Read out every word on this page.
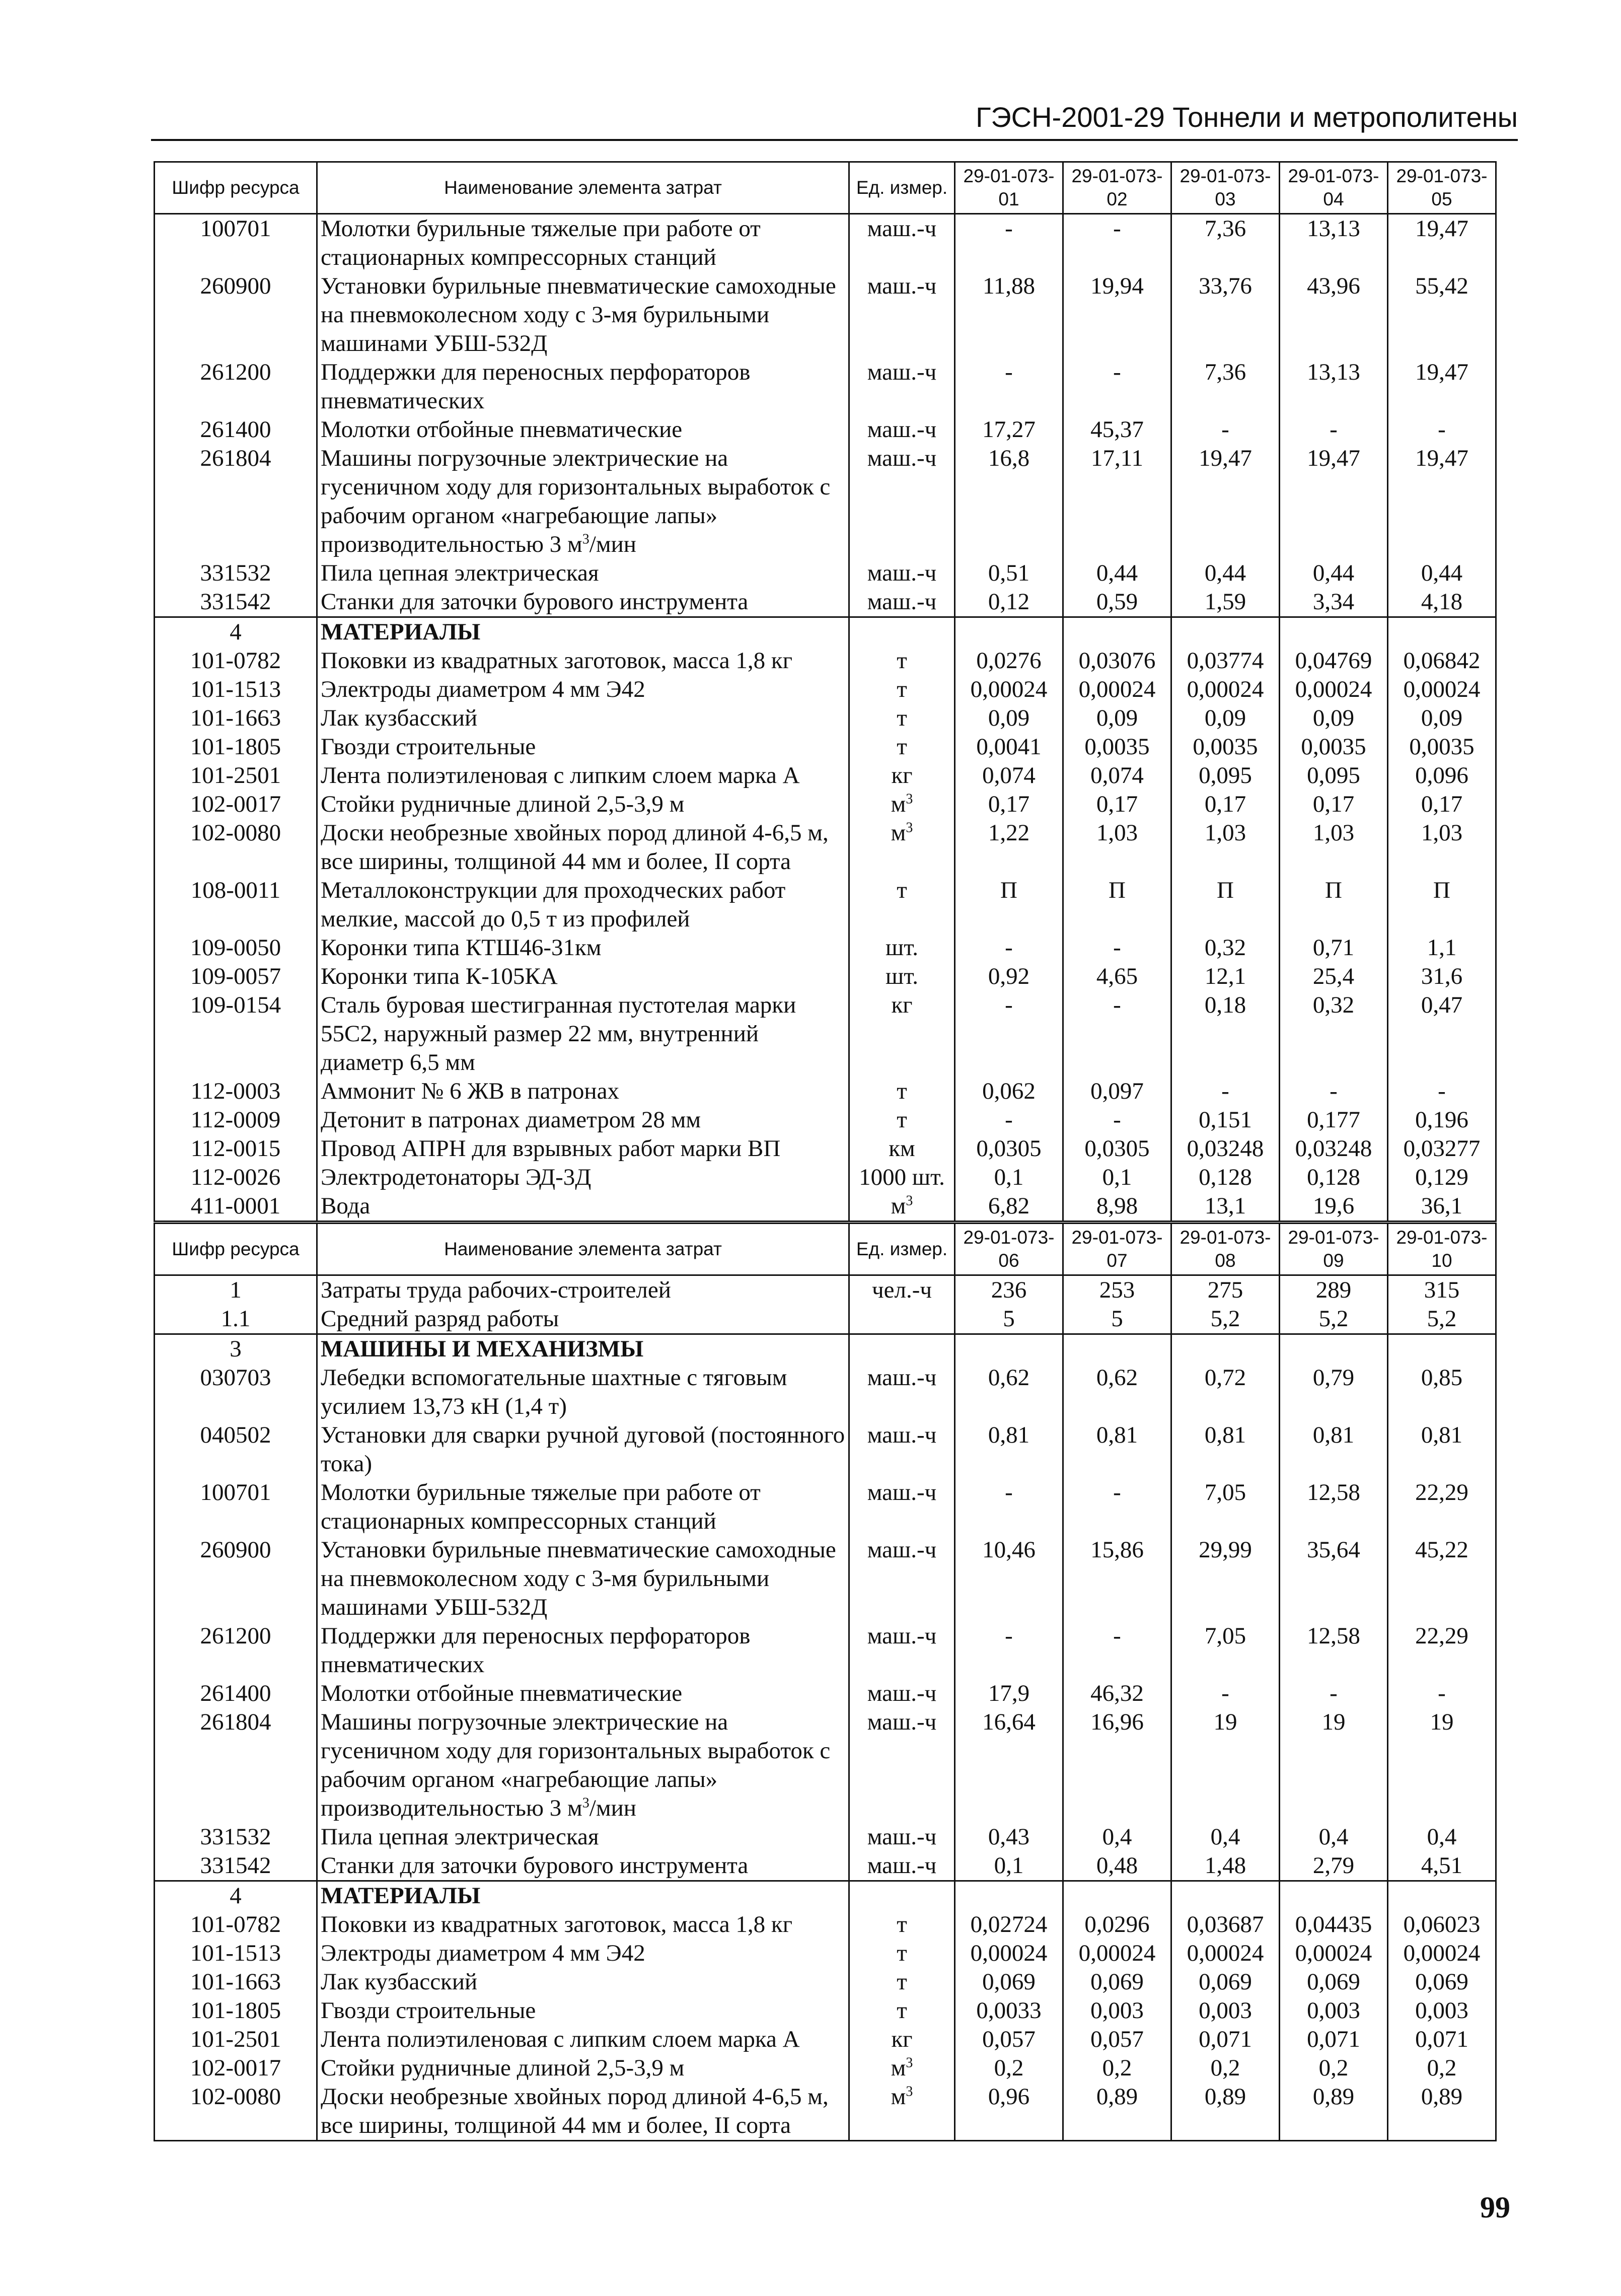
ГЭСН-2001-29 Тоннели и метрополитены
Шифр ресурса	Наименование элемента затрат	Ед. измер.	29-01-073-01	29-01-073-02	29-01-073-03	29-01-073-04	29-01-073-05
100701	Молотки бурильные тяжелые при работе от стационарных компрессорных станций	маш.-ч	-	-	7,36	13,13	19,47
260900	Установки бурильные пневматические самоходные на пневмоколесном ходу с 3-мя бурильными машинами УБШ-532Д	маш.-ч	11,88	19,94	33,76	43,96	55,42
261200	Поддержки для переносных перфораторов пневматических	маш.-ч	-	-	7,36	13,13	19,47
261400	Молотки отбойные пневматические	маш.-ч	17,27	45,37	-	-	-
261804	Машины погрузочные электрические на гусеничном ходу для горизонтальных выработок с рабочим органом «нагребающие лапы» производительностью 3 $м^3$/мин	маш.-ч	16,8	17,11	19,47	19,47	19,47
331532	Пила цепная электрическая	маш.-ч	0,51	0,44	0,44	0,44	0,44
331542	Станки для заточки бурового инструмента	маш.-ч	0,12	0,59	1,59	3,34	4,18
4	МАТЕРИАЛЫ						
101-0782	Поковки из квадратных заготовок, масса 1,8 кг	т	0,0276	0,03076	0,03774	0,04769	0,06842
101-1513	Электроды диаметром 4 мм Э42	т	0,00024	0,00024	0,00024	0,00024	0,00024
101-1663	Лак кузбасский	т	0,09	0,09	0,09	0,09	0,09
101-1805	Гвозди строительные	т	0,0041	0,0035	0,0035	0,0035	0,0035
101-2501	Лента полиэтиленовая с липким слоем марка А	кг	0,074	0,074	0,095	0,095	0,096
102-0017	Стойки рудничные длиной 2,5-3,9 м	$м^3$	0,17	0,17	0,17	0,17	0,17
102-0080	Доски необрезные хвойных пород длиной 4-6,5 м, все ширины, толщиной 44 мм и более, II сорта	$м^3$	1,22	1,03	1,03	1,03	1,03
108-0011	Металлоконструкции для проходческих работ мелкие, массой до 0,5 т из профилей	т	П	П	П	П	П
109-0050	Коронки типа КТШ46-31км	шт.	-	-	0,32	0,71	1,1
109-0057	Коронки типа К-105КА	шт.	0,92	4,65	12,1	25,4	31,6
109-0154	Сталь буровая шестигранная пустотелая марки 55С2, наружный размер 22 мм, внутренний диаметр 6,5 мм	кг	-	-	0,18	0,32	0,47
112-0003	Аммонит № 6 ЖВ в патронах	т	0,062	0,097	-	-	-
112-0009	Детонит в патронах диаметром 28 мм	т	-	-	0,151	0,177	0,196
112-0015	Провод АПРН для взрывных работ марки ВП	км	0,0305	0,0305	0,03248	0,03248	0,03277
112-0026	Электродетонаторы ЭД-3Д	1000 шт.	0,1	0,1	0,128	0,128	0,129
411-0001	Вода	$м^3$	6,82	8,98	13,1	19,6	36,1
Шифр ресурса	Наименование элемента затрат	Ед. измер.	29-01-073-06	29-01-073-07	29-01-073-08	29-01-073-09	29-01-073-10
1	Затраты труда рабочих-строителей	чел.-ч	236	253	275	289	315
1.1	Средний разряд работы		5	5	5,2	5,2	5,2
3	МАШИНЫ И МЕХАНИЗМЫ						
030703	Лебедки вспомогательные шахтные с тяговым усилием 13,73 кН (1,4 т)	маш.-ч	0,62	0,62	0,72	0,79	0,85
040502	Установки для сварки ручной дуговой (постоянного тока)	маш.-ч	0,81	0,81	0,81	0,81	0,81
100701	Молотки бурильные тяжелые при работе от стационарных компрессорных станций	маш.-ч	-	-	7,05	12,58	22,29
260900	Установки бурильные пневматические самоходные на пневмоколесном ходу с 3-мя бурильными машинами УБШ-532Д	маш.-ч	10,46	15,86	29,99	35,64	45,22
261200	Поддержки для переносных перфораторов пневматических	маш.-ч	-	-	7,05	12,58	22,29
261400	Молотки отбойные пневматические	маш.-ч	17,9	46,32	-	-	-
261804	Машины погрузочные электрические на гусеничном ходу для горизонтальных выработок с рабочим органом «нагребающие лапы» производительностью 3 $м^3$/мин	маш.-ч	16,64	16,96	19	19	19
331532	Пила цепная электрическая	маш.-ч	0,43	0,4	0,4	0,4	0,4
331542	Станки для заточки бурового инструмента	маш.-ч	0,1	0,48	1,48	2,79	4,51
4	МАТЕРИАЛЫ						
101-0782	Поковки из квадратных заготовок, масса 1,8 кг	т	0,02724	0,0296	0,03687	0,04435	0,06023
101-1513	Электроды диаметром 4 мм Э42	т	0,00024	0,00024	0,00024	0,00024	0,00024
101-1663	Лак кузбасский	т	0,069	0,069	0,069	0,069	0,069
101-1805	Гвозди строительные	т	0,0033	0,003	0,003	0,003	0,003
101-2501	Лента полиэтиленовая с липким слоем марка А	кг	0,057	0,057	0,071	0,071	0,071
102-0017	Стойки рудничные длиной 2,5-3,9 м	$м^3$	0,2	0,2	0,2	0,2	0,2
102-0080	Доски необрезные хвойных пород длиной 4-6,5 м, все ширины, толщиной 44 мм и более, II сорта	$м^3$	0,96	0,89	0,89	0,89	0,89
99
